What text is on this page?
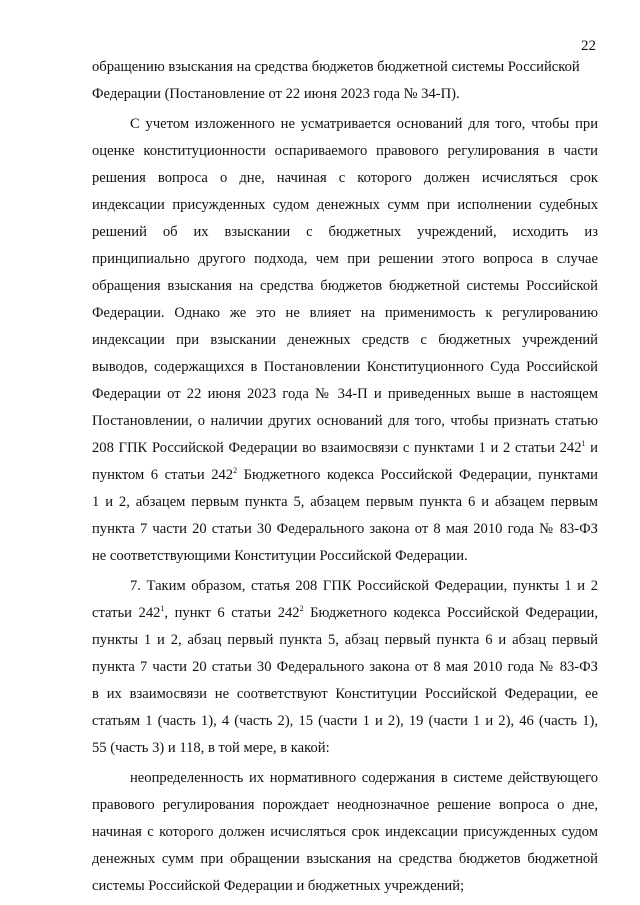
22
обращению взыскания на средства бюджетов бюджетной системы Российской
Федерации (Постановление от 22 июня 2023 года № 34-П).
С учетом изложенного не усматривается оснований для того, чтобы при
оценке конституционности оспариваемого правового регулирования в части
решения вопроса о дне, начиная с которого должен исчисляться срок
индексации присужденных судом денежных сумм при исполнении судебных
решений об их взыскании с бюджетных учреждений, исходить из
принципиально другого подхода, чем при решении этого вопроса в случае
обращения взыскания на средства бюджетов бюджетной системы Российской
Федерации. Однако же это не влияет на применимость к регулированию
индексации при взыскании денежных средств с бюджетных учреждений
выводов, содержащихся в Постановлении Конституционного Суда Российской
Федерации от 22 июня 2023 года № 34-П и приведенных выше в настоящем
Постановлении, о наличии других оснований для того, чтобы признать статью
208 ГПК Российской Федерации во взаимосвязи с пунктами 1 и 2 статьи $242^1$ и
пунктом 6 статьи $242^2$ Бюджетного кодекса Российской Федерации, пунктами
1 и 2, абзацем первым пункта 5, абзацем первым пункта 6 и абзацем первым
пункта 7 части 20 статьи 30 Федерального закона от 8 мая 2010 года № 83-ФЗ
не соответствующими Конституции Российской Федерации.
7. Таким образом, статья 208 ГПК Российской Федерации, пункты 1 и 2
статьи $242^1$, пункт 6 статьи $242^2$ Бюджетного кодекса Российской Федерации,
пункты 1 и 2, абзац первый пункта 5, абзац первый пункта 6 и абзац первый
пункта 7 части 20 статьи 30 Федерального закона от 8 мая 2010 года № 83-ФЗ
в их взаимосвязи не соответствуют Конституции Российской Федерации, ее
статьям 1 (часть 1), 4 (часть 2), 15 (части 1 и 2), 19 (части 1 и 2), 46 (часть 1),
55 (часть 3) и 118, в той мере, в какой:
неопределенность их нормативного содержания в системе действующего
правового регулирования порождает неоднозначное решение вопроса о дне,
начиная с которого должен исчисляться срок индексации присужденных судом
денежных сумм при обращении взыскания на средства бюджетов бюджетной
системы Российской Федерации и бюджетных учреждений;
